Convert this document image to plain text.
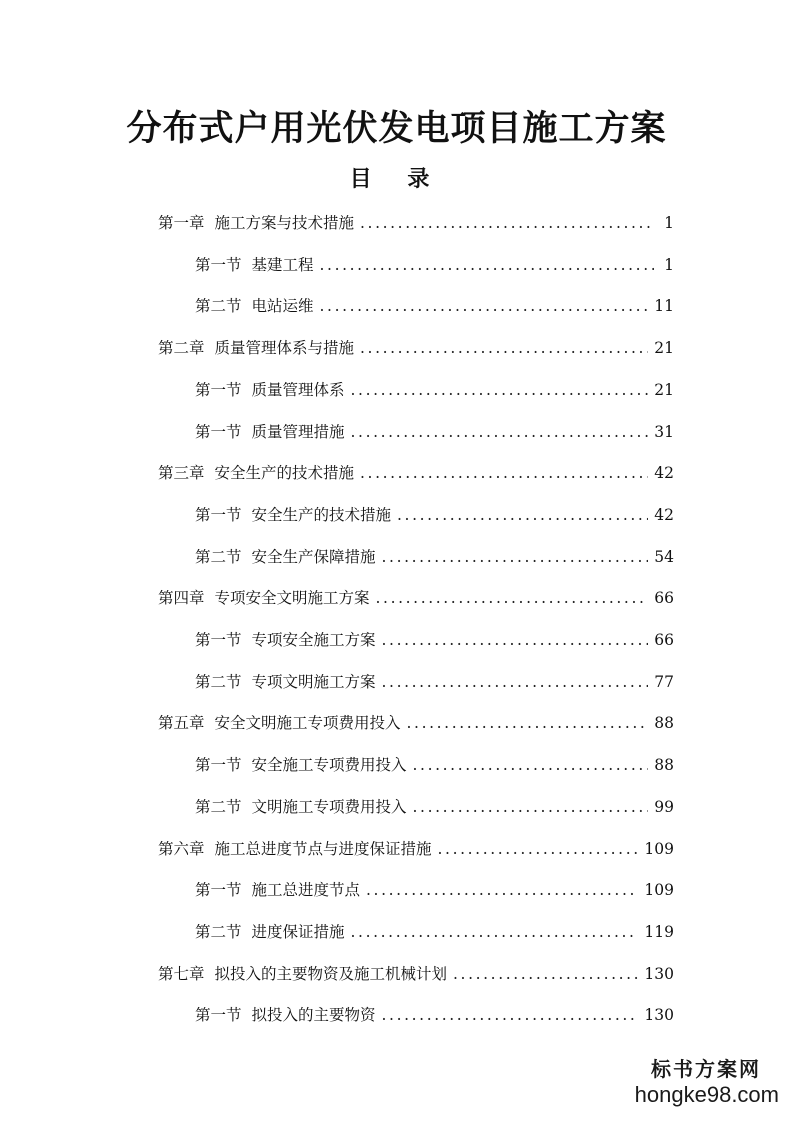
分布式户用光伏发电项目施工方案
目 录
第一章 施工方案与技术措施 .....	1
第一节 基建工程 .....	1
第二节 电站运维 .....	11
第二章 质量管理体系与措施 .....	21
第一节 质量管理体系 .....	21
第一节 质量管理措施 .....	31
第三章 安全生产的技术措施 .....	42
第一节 安全生产的技术措施 .....	42
第二节 安全生产保障措施 .....	54
第四章 专项安全文明施工方案 .....	66
第一节 专项安全施工方案 .....	66
第二节 专项文明施工方案 .....	77
第五章 安全文明施工专项费用投入 .....	88
第一节 安全施工专项费用投入 .....	88
第二节 文明施工专项费用投入 .....	99
第六章 施工总进度节点与进度保证措施 .....	109
第一节 施工总进度节点 .....	109
第二节 进度保证措施 .....	119
第七章 拟投入的主要物资及施工机械计划 .....	130
第一节 拟投入的主要物资 .....	130
标书方案网
hongke98.com
